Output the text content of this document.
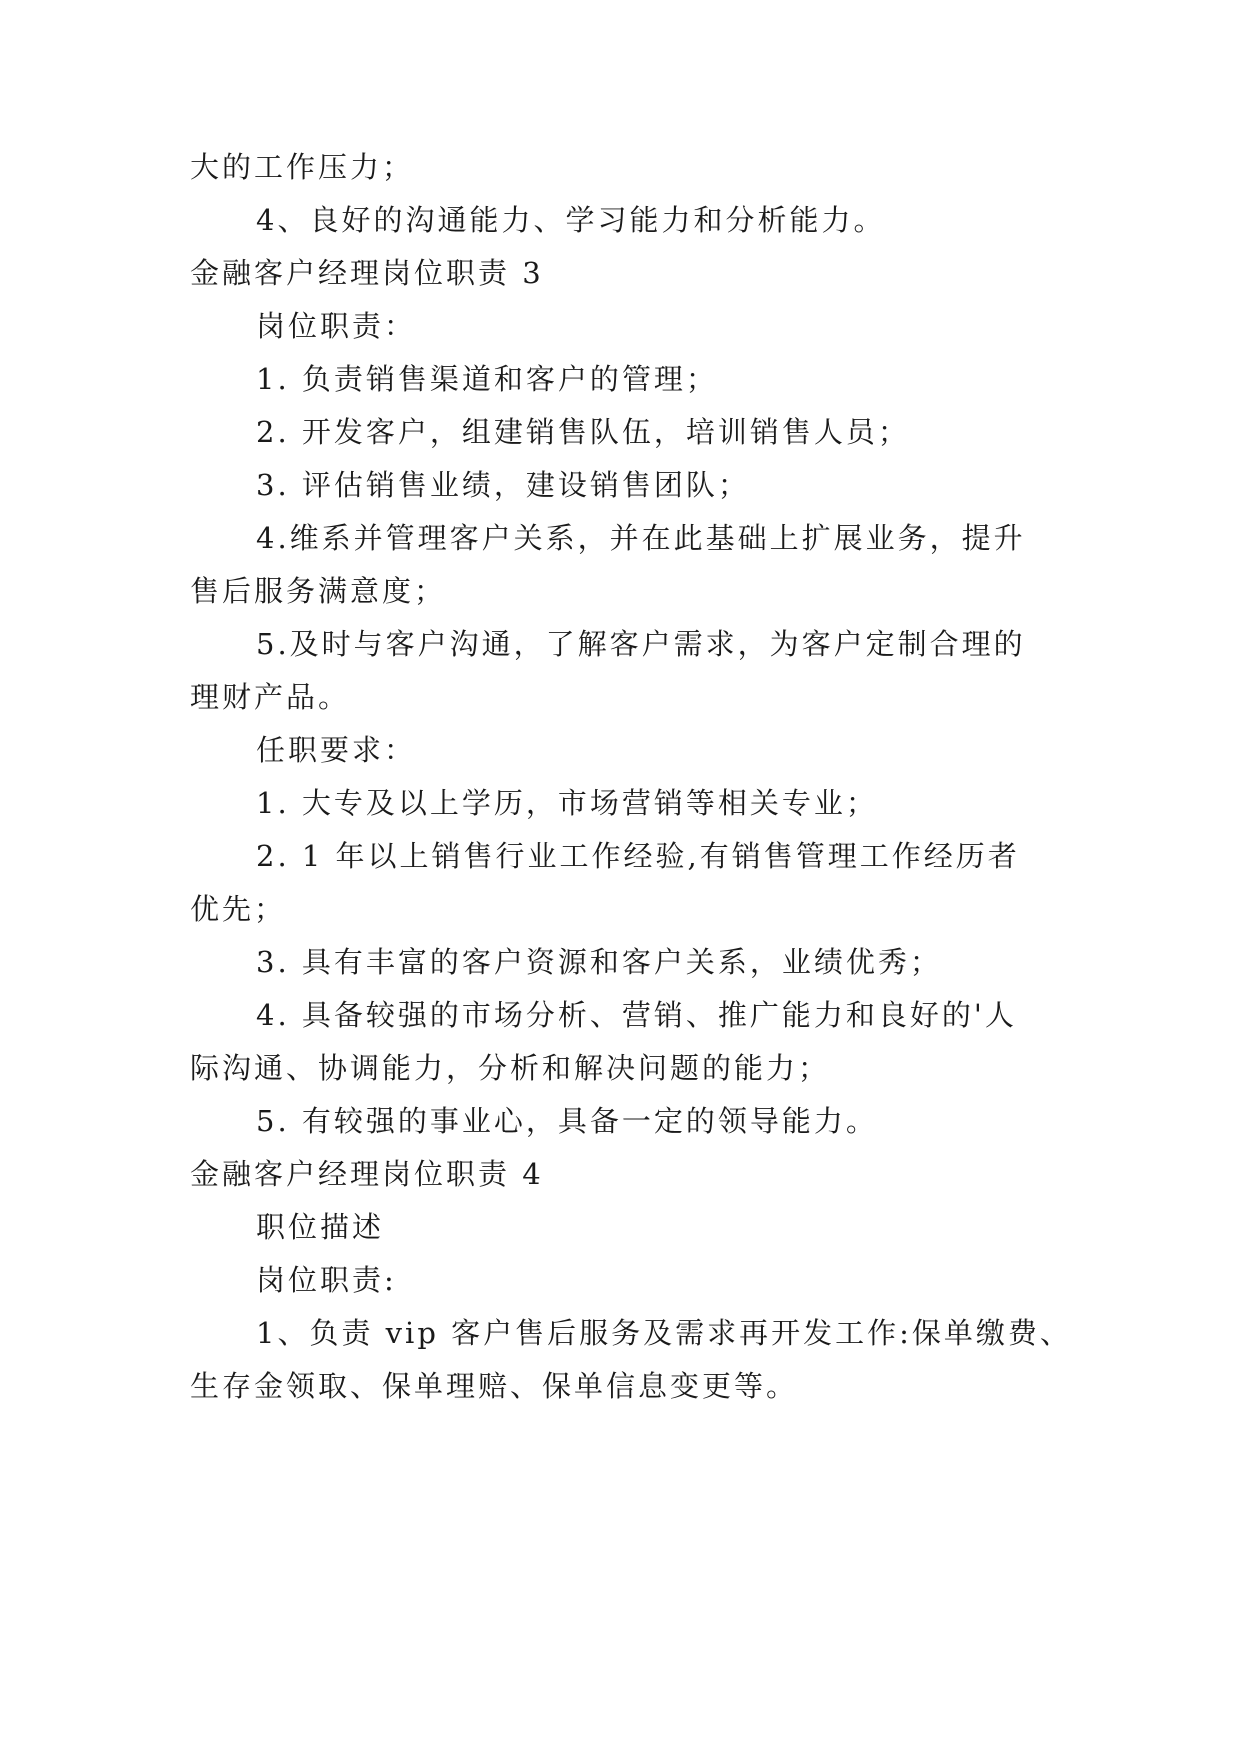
大的工作压力；
4、良好的沟通能力、学习能力和分析能力。
金融客户经理岗位职责 3
岗位职责：
1. 负责销售渠道和客户的管理；
2. 开发客户，组建销售队伍，培训销售人员；
3. 评估销售业绩，建设销售团队；
4.维系并管理客户关系，并在此基础上扩展业务，提升
售后服务满意度；
5.及时与客户沟通，了解客户需求，为客户定制合理的
理财产品。
任职要求：
1. 大专及以上学历，市场营销等相关专业；
2. 1 年以上销售行业工作经验,有销售管理工作经历者
优先；
3. 具有丰富的客户资源和客户关系，业绩优秀；
4. 具备较强的市场分析、营销、推广能力和良好的'人
际沟通、协调能力，分析和解决问题的能力；
5. 有较强的事业心，具备一定的领导能力。
金融客户经理岗位职责 4
职位描述
岗位职责:
1、负责 vip 客户售后服务及需求再开发工作:保单缴费、
生存金领取、保单理赔、保单信息变更等。
